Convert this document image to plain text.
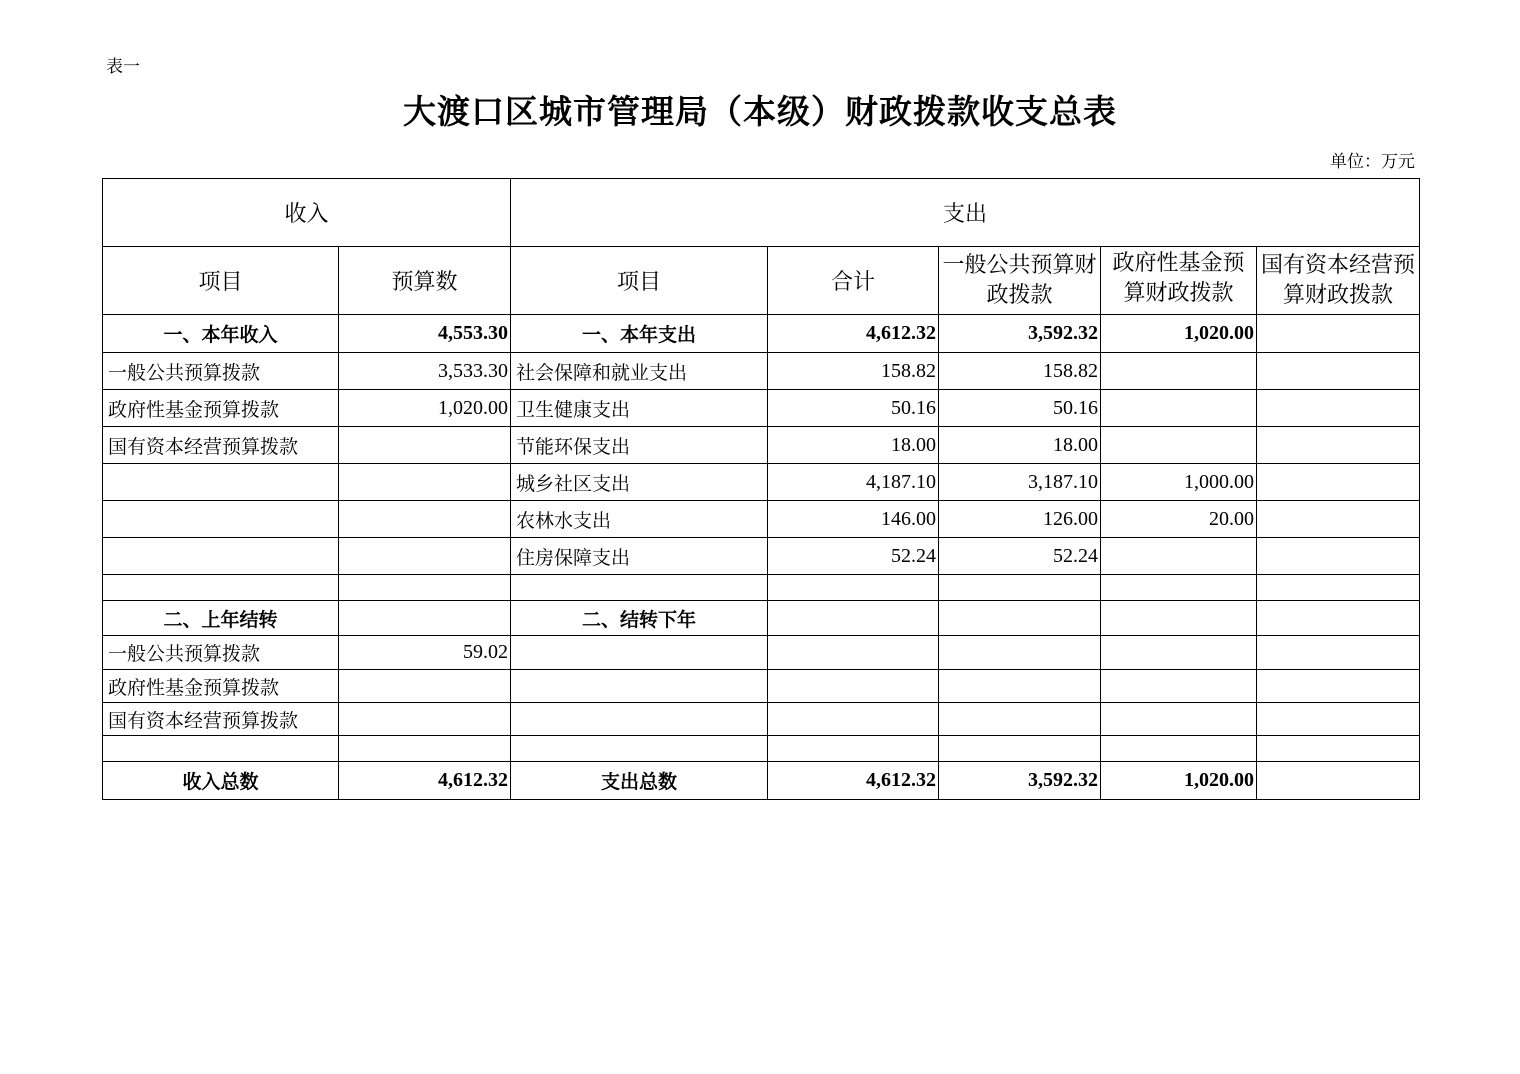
表一
大渡口区城市管理局（本级）财政拨款收支总表
单位：万元
收入		支出				
项目	预算数	项目	合计	一般公共预算财政拨款	政府性基金预算财政拨款	国有资本经营预算财政拨款

一、本年收入	4,553.30	一、本年支出	4,612.32	3,592.32	1,020.00	
一般公共预算拨款	3,533.30	社会保障和就业支出	158.82	158.82		
政府性基金预算拨款	1,020.00	卫生健康支出	50.16	50.16		
国有资本经营预算拨款		节能环保支出	18.00	18.00		
		城乡社区支出	4,187.10	3,187.10	1,000.00	
		农林水支出	146.00	126.00	20.00	
		住房保障支出	52.24	52.24		

二、上年结转		二、结转下年				
一般公共预算拨款	59.02					
政府性基金预算拨款						
国有资本经营预算拨款						

收入总数	4,612.32	支出总数	4,612.32	3,592.32	1,020.00	
